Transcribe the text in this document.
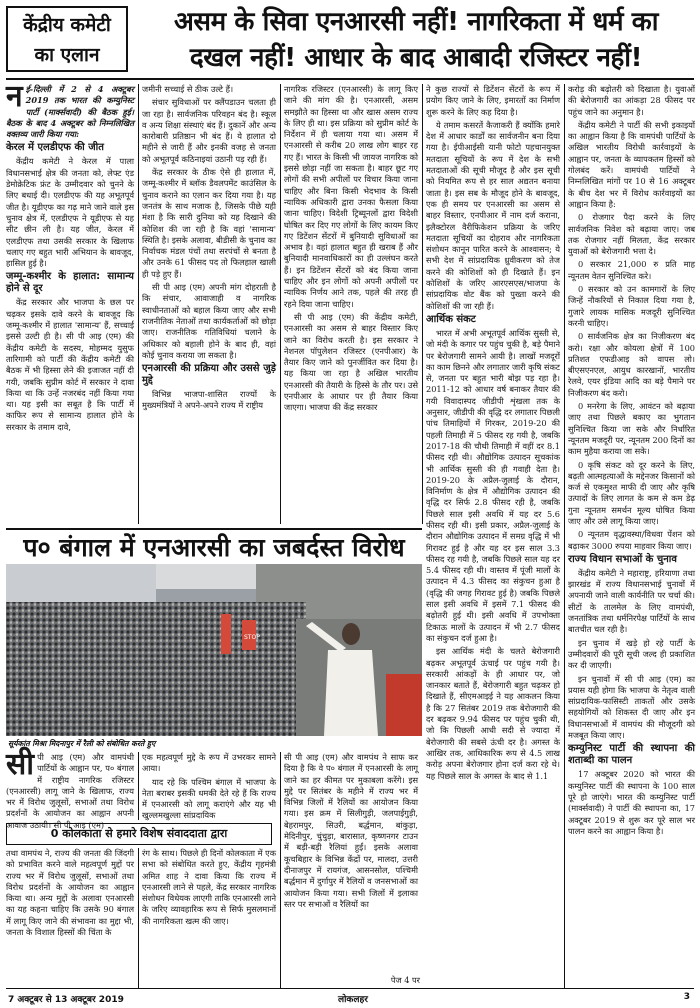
केंद्रीय कमेटी
का एलान
असम के सिवा एनआरसी नहीं! नागरिकता में धर्म का
दखल नहीं! आधार के बाद आबादी रजिस्टर नहीं!

नई-दिल्ली में 2 से 4 अक्टूबर 2019 तक भारत की कम्युनिस्ट पार्टी (मार्क्सवादी) की बैठक हुई। बैठक के बाद 4 अक्टूबर को निम्नलिखित वक्तव्य जारी किया गया:

केरल में एलडीएफ की जीत

केंद्रीय कमेटी ने केरल में पाला विधानसभाई क्षेत्र की जनता को, लेफ्ट एंड डेमोक्रेटिक फ्रंट के उम्मीदवार को चुनने के लिए बधाई दी। एलडीएफ की यह अभूतपूर्व जीत है। यूडीएफ का गढ़ माने जाने वाले इस चुनाव क्षेत्र में, एलडीएफ ने यूडीएफ से यह सीट छीन ली है। यह जीत, केरल में एलडीएफ तथा उसकी सरकार के खिलाफ चलाए गए बहुत भारी अभियान के बावजूद, हासिल हुई है।

जम्मू-कश्मीर के हालात: सामान्य होने से दूर

केंद्र सरकार और भाजपा के छल पर चढ़कर इसके दावे करने के बावजूद कि जम्मू-कश्मीर में हालात 'सामान्य' हैं, सच्चाई इससे उल्टी ही है। सी पी आइ (एम) की केंद्रीय कमेटी के सदस्य, मोहम्मद युसुफ तारिगामी को पार्टी की केंद्रीय कमेटी की बैठक में भी हिस्सा लेने की इजाजत नहीं दी गयी, जबकि सुप्रीम कोर्ट में सरकार ने दावा किया था कि उन्हें नजरबंद नहीं किया गया था। यह इसी का सबूत है कि पार्टी में काफिर रूप से सामान्य हालात होने के सरकार के तमाम दावे,

जमीनी सच्चाई से ठीक उल्टे हैं।

संचार सुविधाओं पर क्लैंपडाउन चलता ही जा रहा है। सार्वजनिक परिवहन बंद है। स्कूल व अन्य शिक्षा संस्थाएं बंद हैं। दुकानें और अन्य कारोबारी प्रतिष्ठान भी बंद हैं। ये हालात दो महीने से जारी हैं और इनकी वजह से जनता को अभूतपूर्व कठिनाइयां उठानी पड़ रही हैं।

केंद्र सरकार के ठीक ऐसे ही हालात में, जम्मू-कश्मीर में ब्लॉक डैवलपमेंट काउंसिल के चुनाव कराने का एलान कर दिया गया है। यह जनतंत्र के साथ मजाक है, जिसके पीछे यही मंशा है कि सारी दुनिया को यह दिखाने की कोशिश की जा रही है कि वहां 'सामान्य' स्थिति है। इसके अलावा, बीडीसी के चुनाव का निर्वाचक मंडल पंचों तथा सरपंचों से बनता है और उनके 61 फीसद पद तो फिलहाल खाली ही पड़े हुए हैं।

सी पी आइ (एम) अपनी मांग दोहराती है कि संचार, आवाजाही व नागरिक स्वाधीनताओं को बहाल किया जाए और सभी राजनीतिक नेताओं तथा कार्यकर्ताओं को छोड़ा जाए। राजनीतिक गतिविधियां चलाने के अधिकार को बहाली होने के बाद ही, वहां कोई चुनाव कराया जा सकता है।

एनआरसी की प्रक्रिया और उससे जुड़े मुद्दे

विभिन्न भाजपा-शासित राज्यों के मुख्यमंत्रियों ने अपने-अपने राज्य में राष्ट्रीय

नागरिक रजिस्टर (एनआरसी) के लागू किए जाने की मांग की है। एनआरसी, असम समझौते का हिस्सा था और खास असम राज्य के लिए ही था। इस प्रक्रिया को सुप्रीम कोर्ट के निर्देशन में ही चलाया गया था। असम में एनआरसी से करीब 20 लाख लोग बाहर रह गए हैं। भारत के किसी भी जायज नागरिक को इससे छोड़ा नहीं जा सकता है। बाहर छूट गए लोगों की सभी अपीलों पर विचार किया जाना चाहिए और बिना किसी भेदभाव के किसी न्यायिक अधिकारी द्वारा उनका फैसला किया जाना चाहिए। विदेशी ट्रिब्यूनलों द्वारा विदेशी घोषित कर दिए गए लोगों के लिए कायम किए गए डिटेंशन सेंटरों में बुनियादी सुविधाओं का अभाव है। वहां हालात बहुत ही खराब हैं और बुनियादी मानवाधिकारों का ही उल्लंघन करते हैं। इन डिटेंशन सेंटरों को बंद किया जाना चाहिए और इन लोगों को अपनी अपीलों पर न्यायिक निर्णय आने तक, पहले की तरह ही रहने दिया जाना चाहिए।

सी पी आइ (एम) की केंद्रीय कमेटी, एनआरसी का असम से बाहर विस्तार किए जाने का विरोध करती है। इस सरकार ने नेशनल पॉपुलेशन रजिस्टर (एनपीआर) के तैयार किए जाने को पुनर्जीवित कर दिया है। यह किया जा रहा है अखिल भारतीय एनआरसी की तैयारी के हिस्से के तौर पर। उसे एनपीआर के आधार पर ही तैयार किया जाएगा। भाजपा की केंद्र सरकार

ने कुछ राज्यों से डिटेंशन सेंटरों के रूप में प्रयोग किए जाने के लिए, इमारतों का निर्माण शुरू करने के लिए कह दिया है।

ये तमाम कसरतें कैजाकरी हैं क्योंकि हमारे देश में आधार कार्डों का सार्वजनीन बना दिया गया है। ईपीआईसी यानी फोटो पहचानयुक्त मतदाता सूचियों के रूप में देश के सभी मतदाताओं की सूची मौजूद है और इस सूची को नियमित रूप से हर साल अद्यतन बनाया जाता है। इस सब के मौजूद होने के बावजूद, एक ही समय पर एनआरसी का असम से बाहर विस्तार, एनपीआर में नाम दर्ज कराना, इलैक्टोरल वैरीफिकेशन प्रक्रिया के जरिए मतदाता सूचियों का दोहराव और नागरिकता संशोधन कानून पारित करने के आश्वासन; ये सभी देश में सांप्रदायिक ध्रुवीकरण को तेज करने की कोशिशों को ही दिखाते हैं। इन कोशिशों के जरिए आरएसएस/भाजपा के सांप्रदायिक वोट बैंक को पुख्ता करने की कोशिशों की जा रही हैं।

आर्थिक संकट

भारत में अभी अभूतपूर्व आर्थिक सुस्ती से, जो मंदी के कगार पर पहुंच चुकी है, बड़े पैमाने पर बेरोजगारी सामने आयी है। लाखों मजदूरों का काम छिनने और लगातार जारी कृषि संकट से, जनता पर बहुत भारी बोझ पड़ रहा है। 2011-12 को आधार वर्ष बनाकर तैयार की गयी विवादास्पद जीडीपी शृंखला तक के अनुसार, जीडीपी की वृद्धि दर लगातार पिछली पांच तिमाहियों में गिरकर, 2019-20 की पहली तिमाही में 5 फीसद रह गयी है, जबकि 2017-18 की चौथी तिमाही में वहीं दर 8.1 फीसद रही थी। औद्योगिक उत्पादन सूचकांक भी आर्थिक सुस्ती की ही गवाही देता है। 2019-20 के अप्रैल-जुलाई के दौरान, विनिर्माण के क्षेत्र में औद्योगिक उत्पादन की वृद्धि दर सिर्फ 2.8 फीसद रही है, जबकि पिछले साल इसी अवधि में यह दर 5.6 फीसद रही थी। इसी प्रकार, अप्रैल-जुलाई के दौरान औद्योगिक उत्पादन में समग्र वृद्धि में भी गिरावट हुई है और यह दर इस साल 3.3 फीसद रह गयी है, जबकि पिछले साल यह दर 5.4 फीसद रही थी। वास्तव में पूंजी मालों के उत्पादन में 4.3 फीसद का संकुचन हुआ है (वृद्धि की जगह गिरावट हुई है) जबकि पिछले साल इसी अवधि में इसमें 7.1 फीसद की बढ़ोतरी हुई थी। इसी अवधि में उपभोक्ता टिकाऊ मालों के उत्पादन में भी 2.7 फीसद का संकुचन दर्ज हुआ है।

इस आर्थिक मंदी के चलते बेरोजगारी बढ़कर अभूतपूर्व ऊंचाई पर पहुंच गयी है। सरकारी आंकड़ों के ही आधार पर, जो जानकार बताते हैं, बेरोजगारी बहुत चढ़कर हो दिखाते हैं, सीएमआइई ने यह आकलन किया है कि 27 सितंबर 2019 तक बेरोजगारी की दर बढ़कर 9.94 फीसद पर पहुंच चुकी थी, जो कि पिछली आधी सदी से ज्यादा में बेरोजगारी की सबसे ऊंची दर है। अगस्त के आखिर तक, आधिकारिक रूप से 4.5 लाख करोड़ अपना बेरोजगार होना दर्ज करा रहे थे। यह पिछले साल के अगस्त के बाद से 1.1

करोड़ की बढ़ोतरी को दिखाता है। युवाओं की बेरोजगारी का आंकड़ा 28 फीसद पर पहुंच जाने का अनुमान है।

केंद्रीय कमेटी ने पार्टी की सभी इकाइयों का आह्वान किया है कि वामपंथी पार्टियों के अखिल भारतीय विरोधी कार्रवाइयों के आह्वान पर, जनता के व्यापकतम हिस्सों को गोलबंद करें। वामपंथी पार्टियों ने निम्नलिखित मांगों पर 10 से 16 अक्टूबर के बीच देश भर में विरोध कार्रवाइयों का आह्वान किया है:

0 रोजगार पैदा करने के लिए सार्वजनिक निवेश को बढ़ाया जाए। जब तक रोजगार नहीं मिलता, केंद्र सरकार युवाओं को बेरोजगारी भत्ता दे।

0 सरकार 21,000 रु प्रति माह न्यूनतम वेतन सुनिश्चित करे।

0 सरकार को उन कामगारों के लिए जिन्हें नौकरियों से निकाल दिया गया है, गुजारे लायक मासिक मजदूरी सुनिश्चित करनी चाहिए।

0 सार्वजनिक क्षेत्र का निजीकरण बंद करो। रक्षा और कोयला क्षेत्रों में 100 प्रतिशत एफडीआइ को वापस लो। बीएसएनएल, आयुध कारखानों, भारतीय रेलवे, एयर इंडिया आदि का बड़े पैमाने पर निजीकरण बंद करो।

0 मनरेगा के लिए, आवंटन को बढ़ाया जाए तथा पिछले बकाए का भुगतान सुनिश्चित किया जा सके और निर्धारित न्यूनतम मजदूरी पर, न्यूनतम 200 दिनों का काम मुहैया कराया जा सके।

0 कृषि संकट को दूर करने के लिए, बढ़ती आत्महत्याओं के मद्देनजर किसानों को कर्ज से एकमुश्त माफी दी जाए और कृषि उत्पादों के लिए लागत के कम से कम डेढ़ गुना न्यूनतम समर्थन मूल्य घोषित किया जाए और उसे लागू किया जाए।

0 न्यूनतम वृद्धावस्था/विधवा पेंशन को बढ़ाकर 3000 रुपया माहवार किया जाए।

राज्य विधान सभाओं के चुनाव

केंद्रीय कमेटी ने महाराष्ट्र, हरियाणा तथा झारखंड में राज्य विधानसभाई चुनावों में अपनायी जाने वाली कार्यनीति पर चर्चा की। सीटों के तालमेल के लिए वामपंथी, जनतांत्रिक तथा धर्मनिरपेक्ष पार्टियों के साथ बातचीत चल रही है।

इन चुनाव में खड़े हो रहे पार्टी के उम्मीदवारों की पूरी सूची जल्द ही प्रकाशित कर दी जाएगी।

इन चुनावों में सी पी आइ (एम) का प्रयास यही होगा कि भाजपा के नेतृत्व वाली सांप्रदायिक-फासिस्टी ताकतों और उसके सहयोगियों को शिकस्त दी जाए और इन विधानसभाओं में वामपंथ की मौजूदगी को मजबूत किया जाए।

कम्युनिस्ट पार्टी की स्थापना की शताब्दी का पालन

17 अक्टूबर 2020 को भारत की कम्युनिस्ट पार्टी की स्थापना के 100 साल पूरे हो जाएंगे। भारत की कम्युनिस्ट पार्टी (मार्क्सवादी) ने पार्टी की स्थापना का, 17 अक्टूबर 2019 से शुरू कर पूरे साल भर पालन करने का आह्वान किया है।

प० बंगाल में एनआरसी का जबर्दस्त विरोध
STOP
सूर्यकांत मिश्रा मिदनापुर में रैली को संबोधित करते हुए

सीपी आइ (एम) और वामपंथी पार्टियों के आह्वान पर, प० बंगाल में राष्ट्रीय नागरिक रजिस्टर (एनआरसी) लागू जाने के खिलाफ, राज्य भर में विरोध जुलूसों, सभाओं तथा विरोध प्रदर्शनों के आयोजन का आह्वान अपनी आवाज उठायी। सी पी आइ (एम)

0 कोलकाता से हमारे विशेष संवाददाता द्वारा

तथा वामपंथ ने, राज्य की जनता की जिंदगी को प्रभावित करने वाले महत्वपूर्ण मुद्दों पर राज्य भर में विरोध जुलूसों, सभाओं तथा विरोध प्रदर्शनों के आयोजन का आह्वान किया था। अन्य मुद्दों के अलावा एनआरसी का यह कहना चाहिए कि उसके 90 बंगाल में लागू किए जाने की संभावना का मुद्दा भी, जनता के विशाल हिस्सों की चिंता के

एक महत्वपूर्ण मुद्दे के रूप में उभरकर सामने आया।

याद रहे कि पश्चिम बंगाल में भाजपा के नेता बराबर इसकी धमकी देते रहे हैं कि राज्य में एनआरसी को लागू कराएंगे और यह भी खुल्लमखुल्ला सांप्रदायिक

रंग के साथ। पिछले ही दिनों कोलकाता में एक सभा को संबोधित करते हुए, केंद्रीय गृहमंत्री अमित शाह ने दावा किया कि राज्य में एनआरसी लाने से पहले, केंद्र सरकार नागरिक संशोधन विधेयक लाएगी ताकि एनआरसी लाने के जरिए व्यावहारिक रूप से सिर्फ मुसलमानों की नागरिकता खत्म की जाए।

सी पी आइ (एम) और वामपंथ ने साफ कर दिया है कि वे प० बंगाल में एनआरसी के लागू जाने का हर कीमत पर मुकाबला करेंगे। इस मुद्दे पर सितंबर के महीने में राज्य भर में विभिन्न जिलों में रैलियों का आयोजन किया गया। इस क्रम में सिलीगुड़ी, जलपाईगुड़ी, बेहरामपुर, सिउरी, बर्द्धमान, बांकुड़ा, मेदिनीपुर, चुंचुड़ा, बारासात, कृष्णनगर टाउन में बड़ी-बड़ी रैलियां हुईं। इसके अलावा कूचबिहार के विभिन्न केंद्रों पर, मालदा, उत्तरी दीनाजपुर में रायगंज, आसनसोल, पश्चिमी बर्द्धमान में दुर्गापुर में रैलियों व जनसभाओं का आयोजन किया गया। सभी जिलों में इलाका स्तर पर सभाओं व रैलियों का

पेज 4 पर
7 अक्टूबर से 13 अक्टूबर 2019	लोकलहर	3
